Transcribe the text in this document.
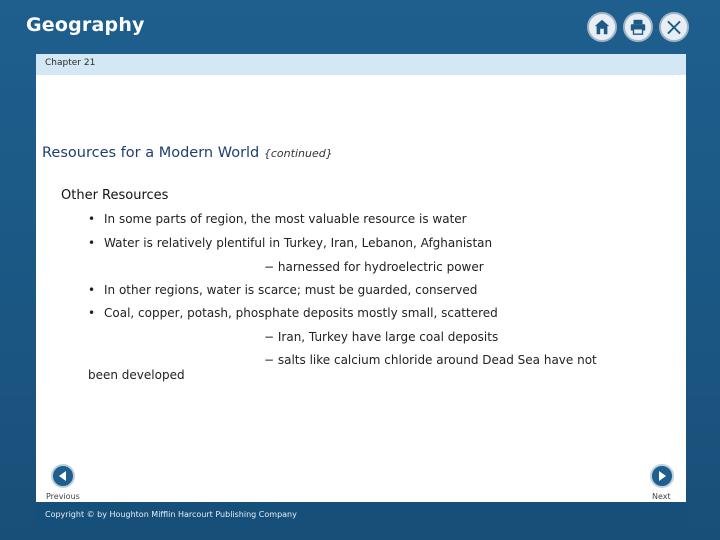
Geography
Chapter 21
Resources for a Modern World {continued}
Other Resources
• In some parts of region, the most valuable resource is water
• Water is relatively plentiful in Turkey, Iran, Lebanon, Afghanistan
− harnessed for hydroelectric power
• In other regions, water is scarce; must be guarded, conserved
• Coal, copper, potash, phosphate deposits mostly small, scattered
− Iran, Turkey have large coal deposits
− salts like calcium chloride around Dead Sea have not
been developed
Previous	Next
Copyright © by Houghton Mifflin Harcourt Publishing Company
